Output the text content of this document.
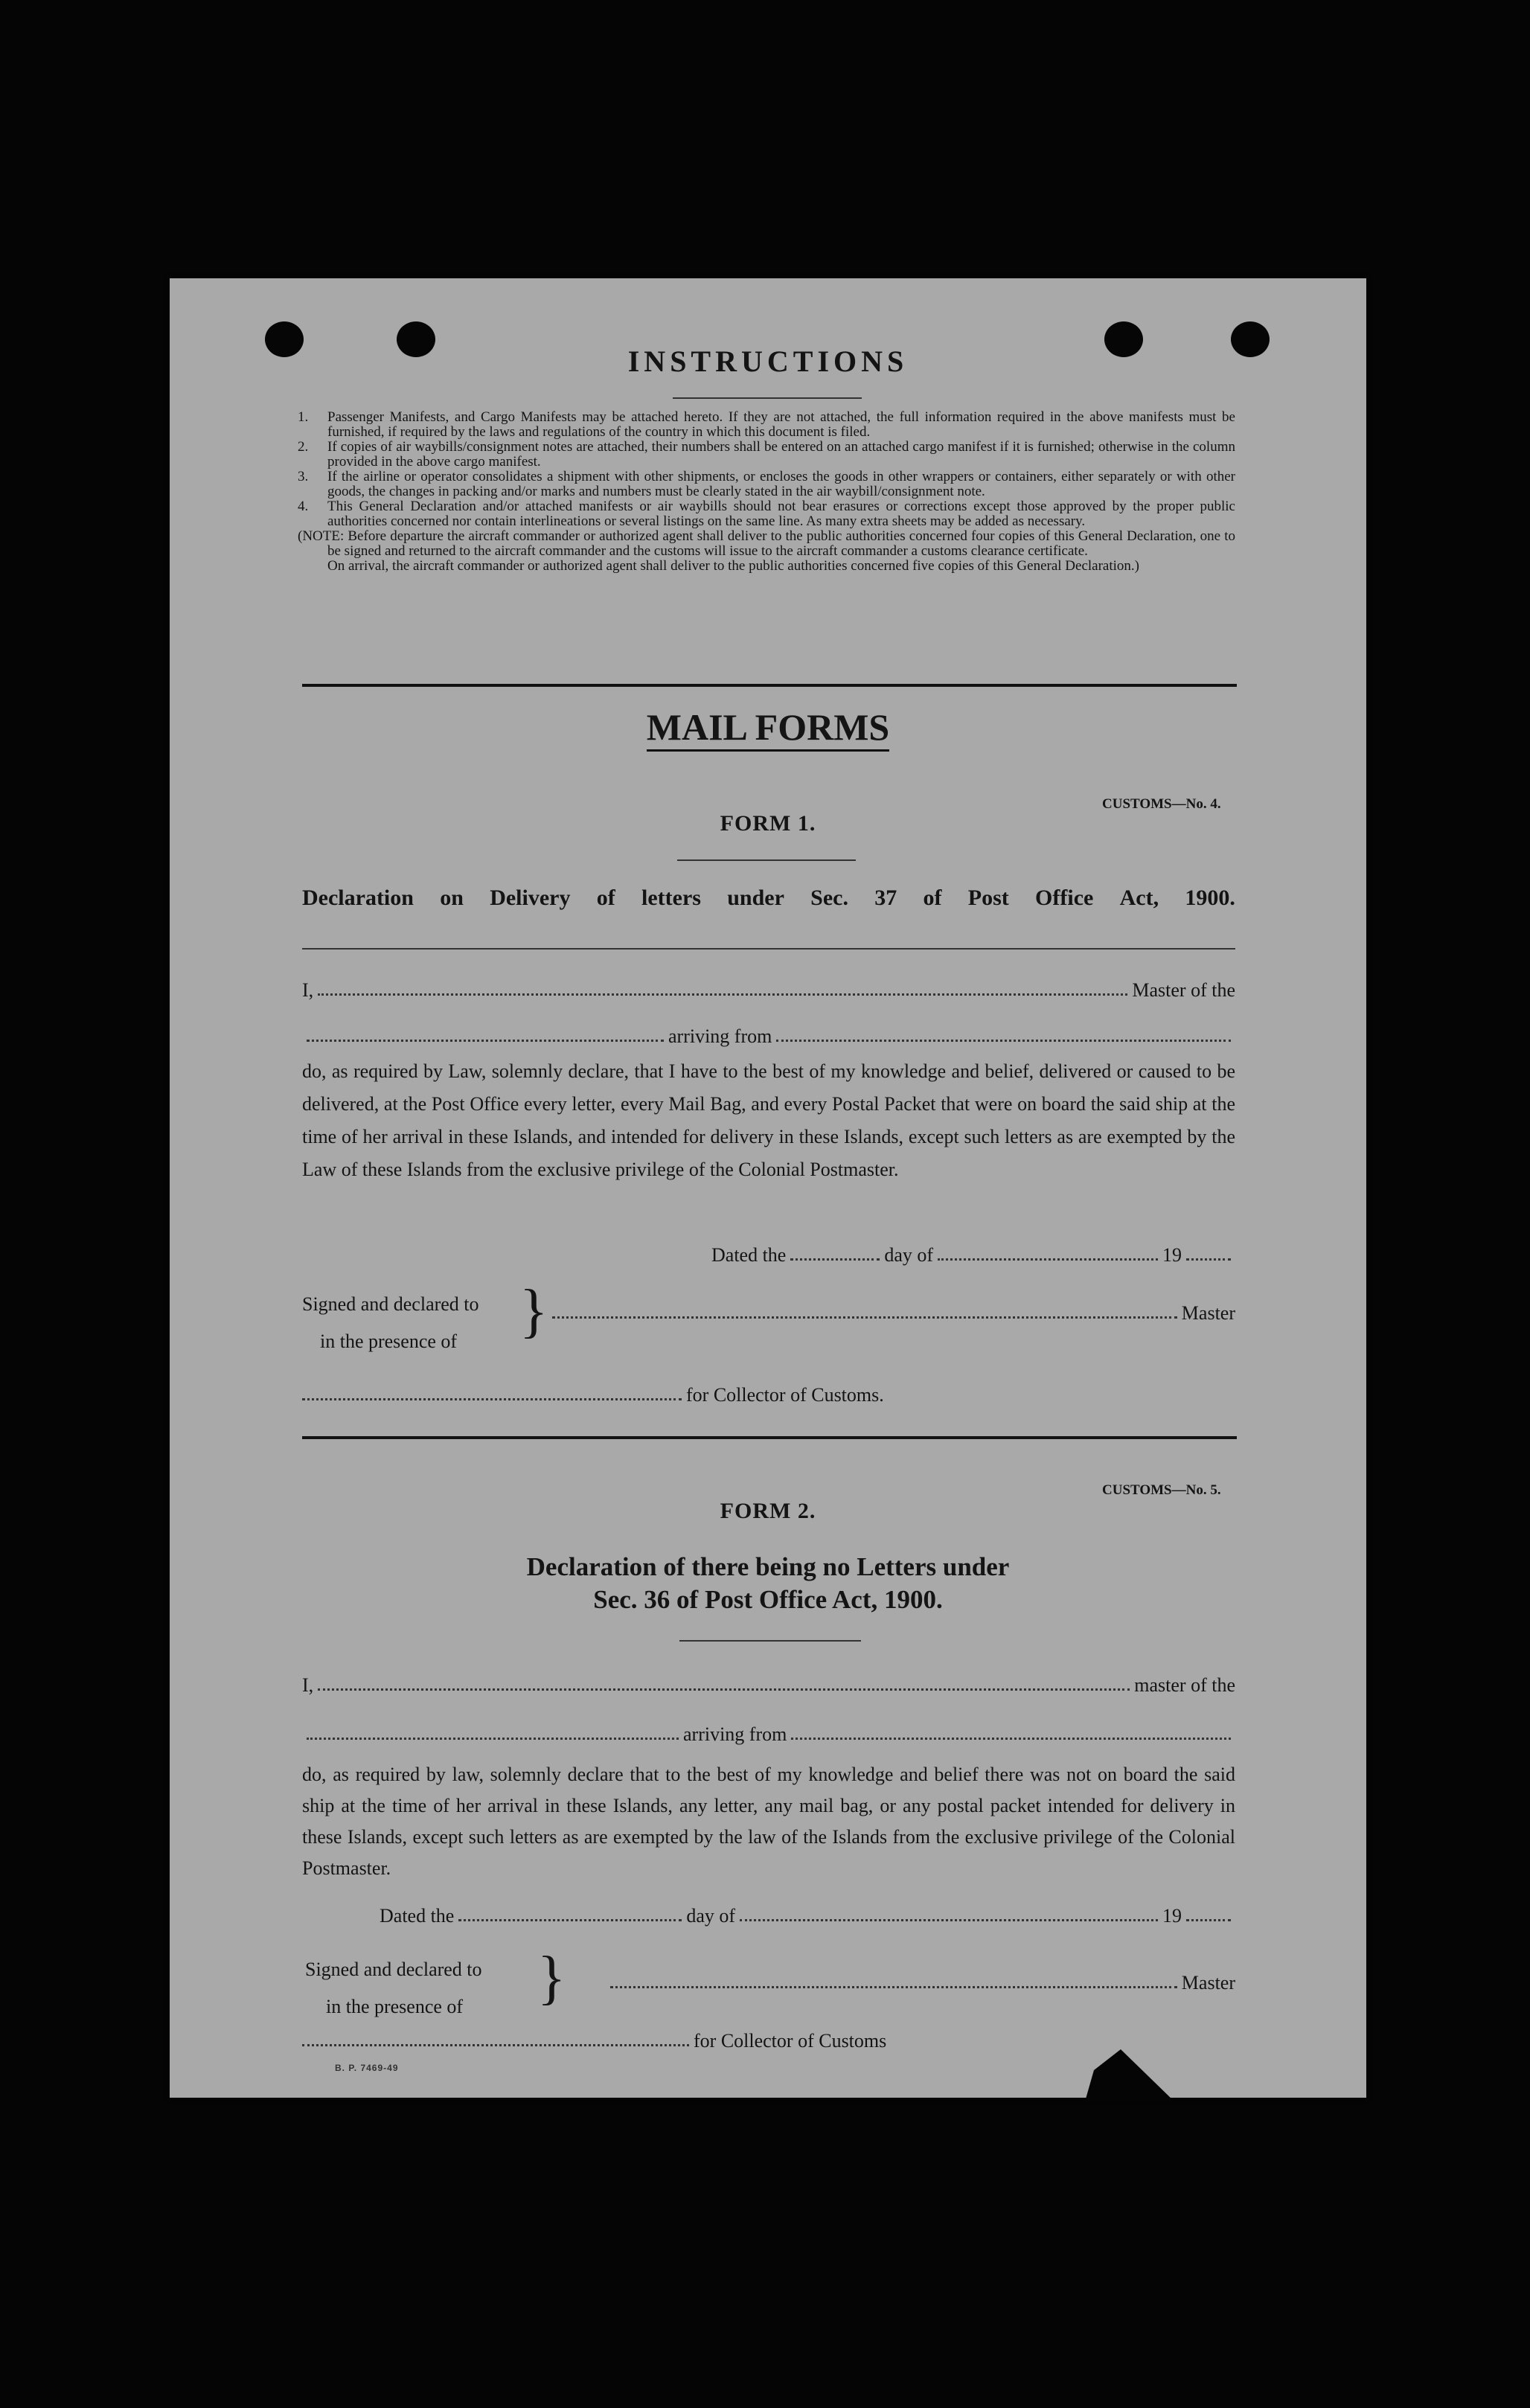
INSTRUCTIONS
1. Passenger Manifests, and Cargo Manifests may be attached hereto. If they are not attached, the full information required in the above manifests must be furnished, if required by the laws and regulations of the country in which this document is filed.
2. If copies of air waybills/consignment notes are attached, their numbers shall be entered on an attached cargo manifest if it is furnished; otherwise in the column provided in the above cargo manifest.
3. If the airline or operator consolidates a shipment with other shipments, or encloses the goods in other wrappers or containers, either separately or with other goods, the changes in packing and/or marks and numbers must be clearly stated in the air waybill/consignment note.
4. This General Declaration and/or attached manifests or air waybills should not bear erasures or corrections except those approved by the proper public authorities concerned nor contain interlineations or several listings on the same line. As many extra sheets may be added as necessary.
(NOTE: Before departure the aircraft commander or authorized agent shall deliver to the public authorities concerned four copies of this General Declaration, one to be signed and returned to the aircraft commander and the customs will issue to the aircraft commander a customs clearance certificate.
On arrival, the aircraft commander or authorized agent shall deliver to the public authorities concerned five copies of this General Declaration.)
MAIL FORMS
CUSTOMS—No. 4.
FORM 1.
Declaration on Delivery of letters under Sec. 37 of Post Office Act, 1900.
I,	Master of the
arriving from
do, as required by Law, solemnly declare, that I have to the best of my knowledge and belief, delivered or caused to be delivered, at the Post Office every letter, every Mail Bag, and every Postal Packet that were on board the said ship at the time of her arrival in these Islands, and intended for delivery in these Islands, except such letters as are exempted by the Law of these Islands from the exclusive privilege of the Colonial Postmaster.
Dated the	day of	19
Signed and declared to
in the presence of	}	Master
for Collector of Customs.
CUSTOMS—No. 5.
FORM 2.
Declaration of there being no Letters under
Sec. 36 of Post Office Act, 1900.
I,	master of the
arriving from
do, as required by law, solemnly declare that to the best of my knowledge and belief there was not on board the said ship at the time of her arrival in these Islands, any letter, any mail bag, or any postal packet intended for delivery in these Islands, except such letters as are exempted by the law of the Islands from the exclusive privilege of the Colonial Postmaster.
Dated the	day of	19
Signed and declared to
in the presence of	}	Master
for Collector of Customs
B. P. 7469-49
